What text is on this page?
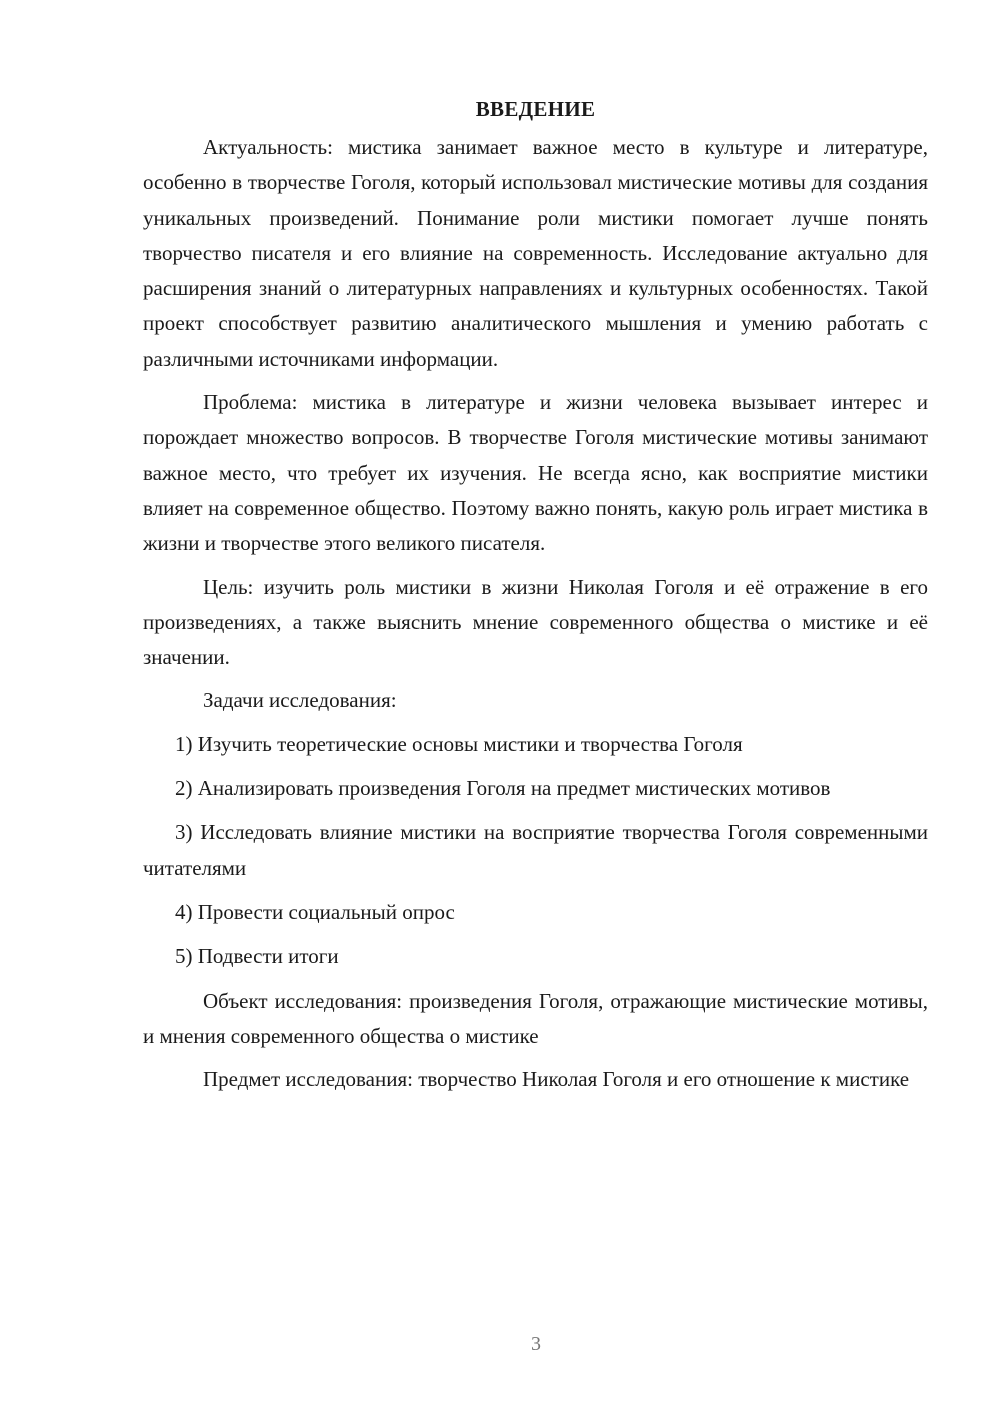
ВВЕДЕНИЕ

Актуальность: мистика занимает важное место в культуре и литературе, особенно в творчестве Гоголя, который использовал мистические мотивы для создания уникальных произведений. Понимание роли мистики помогает лучше понять творчество писателя и его влияние на современность. Исследование актуально для расширения знаний о литературных направлениях и культурных особенностях. Такой проект способствует развитию аналитического мышления и умению работать с различными источниками информации.

Проблема: мистика в литературе и жизни человека вызывает интерес и порождает множество вопросов. В творчестве Гоголя мистические мотивы занимают важное место, что требует их изучения. Не всегда ясно, как восприятие мистики влияет на современное общество. Поэтому важно понять, какую роль играет мистика в жизни и творчестве этого великого писателя.

Цель: изучить роль мистики в жизни Николая Гоголя и её отражение в его произведениях, а также выяснить мнение современного общества о мистике и её значении.

Задачи исследования:

1) Изучить теоретические основы мистики и творчества Гоголя

2) Анализировать произведения Гоголя на предмет мистических мотивов

3) Исследовать влияние мистики на восприятие творчества Гоголя современными читателями

4) Провести социальный опрос

5) Подвести итоги

Объект исследования: произведения Гоголя, отражающие мистические мотивы, и мнения современного общества о мистике

Предмет исследования: творчество Николая Гоголя и его отношение к мистике

3
